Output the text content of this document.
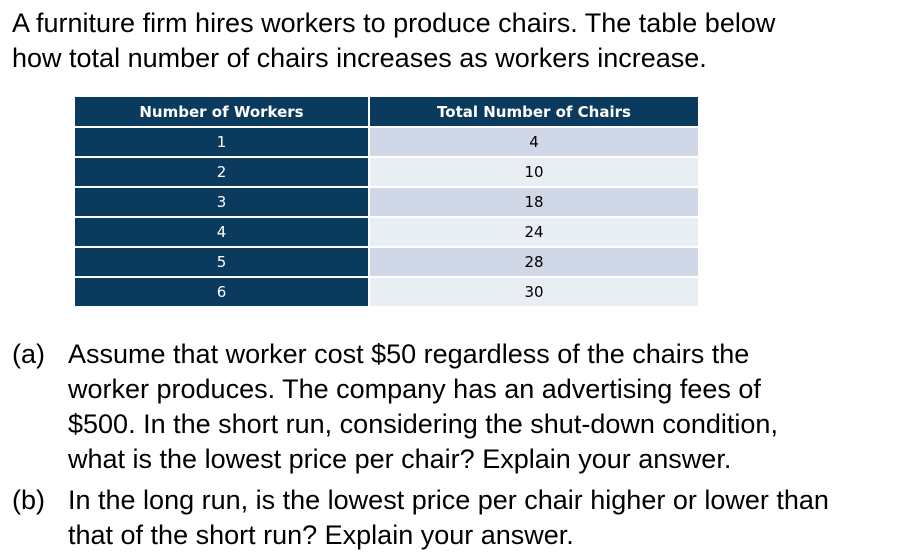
A furniture firm hires workers to produce chairs. The table below
how total number of chairs increases as workers increase.

Number of Workers	Total Number of Chairs
1	4
2	10
3	18
4	24
5	28
6	30
(a) Assume that worker cost $50 regardless of the chairs the
worker produces. The company has an advertising fees of
$500. In the short run, considering the shut-down condition,
what is the lowest price per chair? Explain your answer.
(b) In the long run, is the lowest price per chair higher or lower than
that of the short run? Explain your answer.
